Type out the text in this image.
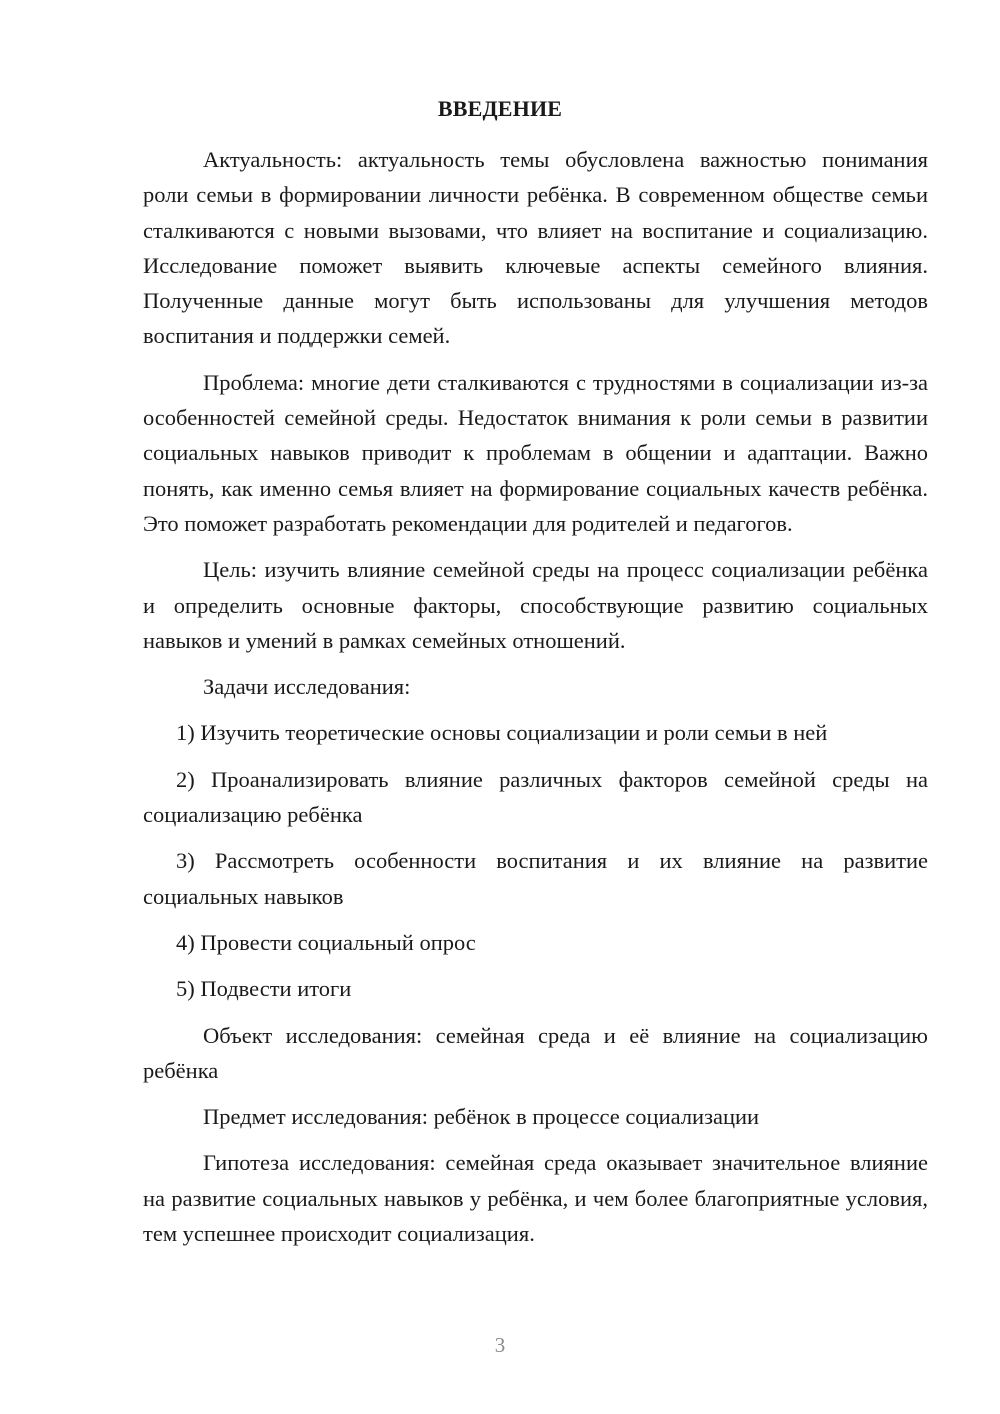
ВВЕДЕНИЕ

Актуальность: актуальность темы обусловлена важностью понимания роли семьи в формировании личности ребёнка. В современном обществе семьи сталкиваются с новыми вызовами, что влияет на воспитание и социализацию. Исследование поможет выявить ключевые аспекты семейного влияния. Полученные данные могут быть использованы для улучшения методов воспитания и поддержки семей.

Проблема: многие дети сталкиваются с трудностями в социализации из-за особенностей семейной среды. Недостаток внимания к роли семьи в развитии социальных навыков приводит к проблемам в общении и адаптации. Важно понять, как именно семья влияет на формирование социальных качеств ребёнка. Это поможет разработать рекомендации для родителей и педагогов.

Цель: изучить влияние семейной среды на процесс социализации ребёнка и определить основные факторы, способствующие развитию социальных навыков и умений в рамках семейных отношений.

Задачи исследования:

1) Изучить теоретические основы социализации и роли семьи в ней

2) Проанализировать влияние различных факторов семейной среды на социализацию ребёнка

3) Рассмотреть особенности воспитания и их влияние на развитие социальных навыков

4) Провести социальный опрос

5) Подвести итоги

Объект исследования: семейная среда и её влияние на социализацию ребёнка

Предмет исследования: ребёнок в процессе социализации

Гипотеза исследования: семейная среда оказывает значительное влияние на развитие социальных навыков у ребёнка, и чем более благоприятные условия, тем успешнее происходит социализация.

3
